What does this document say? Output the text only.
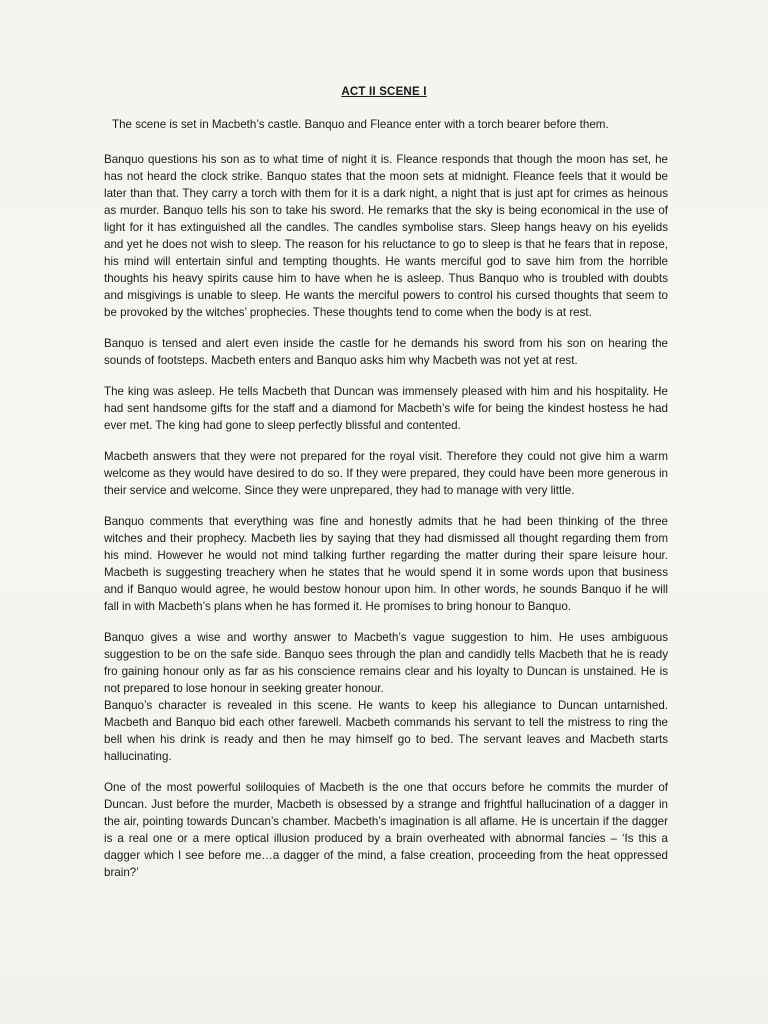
ACT II SCENE I

The scene is set in Macbeth’s castle. Banquo and Fleance enter with a torch bearer before them.

Banquo questions his son as to what time of night it is. Fleance responds that though the moon has set, he has not heard the clock strike. Banquo states that the moon sets at midnight. Fleance feels that it would be later than that. They carry a torch with them for it is a dark night, a night that is just apt for crimes as heinous as murder. Banquo tells his son to take his sword. He remarks that the sky is being economical in the use of light for it has extinguished all the candles. The candles symbolise stars. Sleep hangs heavy on his eyelids and yet he does not wish to sleep. The reason for his reluctance to go to sleep is that he fears that in repose, his mind will entertain sinful and tempting thoughts. He wants merciful god to save him from the horrible thoughts his heavy spirits cause him to have when he is asleep. Thus Banquo who is troubled with doubts and misgivings is unable to sleep. He wants the merciful powers to control his cursed thoughts that seem to be provoked by the witches’ prophecies. These thoughts tend to come when the body is at rest.

Banquo is tensed and alert even inside the castle for he demands his sword from his son on hearing the sounds of footsteps. Macbeth enters and Banquo asks him why Macbeth was not yet at rest.

The king was asleep. He tells Macbeth that Duncan was immensely pleased with him and his hospitality. He had sent handsome gifts for the staff and a diamond for Macbeth’s wife for being the kindest hostess he had ever met. The king had gone to sleep perfectly blissful and contented.

Macbeth answers that they were not prepared for the royal visit. Therefore they could not give him a warm welcome as they would have desired to do so. If they were prepared, they could have been more generous in their service and welcome. Since they were unprepared, they had to manage with very little.

Banquo comments that everything was fine and honestly admits that he had been thinking of the three witches and their prophecy. Macbeth lies by saying that they had dismissed all thought regarding them from his mind. However he would not mind talking further regarding the matter during their spare leisure hour. Macbeth is suggesting treachery when he states that he would spend it in some words upon that business and if Banquo would agree, he would bestow honour upon him. In other words, he sounds Banquo if he will fall in with Macbeth’s plans when he has formed it. He promises to bring honour to Banquo.

Banquo gives a wise and worthy answer to Macbeth’s vague suggestion to him. He uses ambiguous suggestion to be on the safe side. Banquo sees through the plan and candidly tells Macbeth that he is ready fro gaining honour only as far as his conscience remains clear and his loyalty to Duncan is unstained. He is not prepared to lose honour in seeking greater honour.

Banquo’s character is revealed in this scene. He wants to keep his allegiance to Duncan untarnished. Macbeth and Banquo bid each other farewell. Macbeth commands his servant to tell the mistress to ring the bell when his drink is ready and then he may himself go to bed. The servant leaves and Macbeth starts hallucinating.

One of the most powerful soliloquies of Macbeth is the one that occurs before he commits the murder of Duncan. Just before the murder, Macbeth is obsessed by a strange and frightful hallucination of a dagger in the air, pointing towards Duncan’s chamber. Macbeth’s imagination is all aflame. He is uncertain if the dagger is a real one or a mere optical illusion produced by a brain overheated with abnormal fancies – ‘Is this a dagger which I see before me…a dagger of the mind, a false creation, proceeding from the heat oppressed brain?’
